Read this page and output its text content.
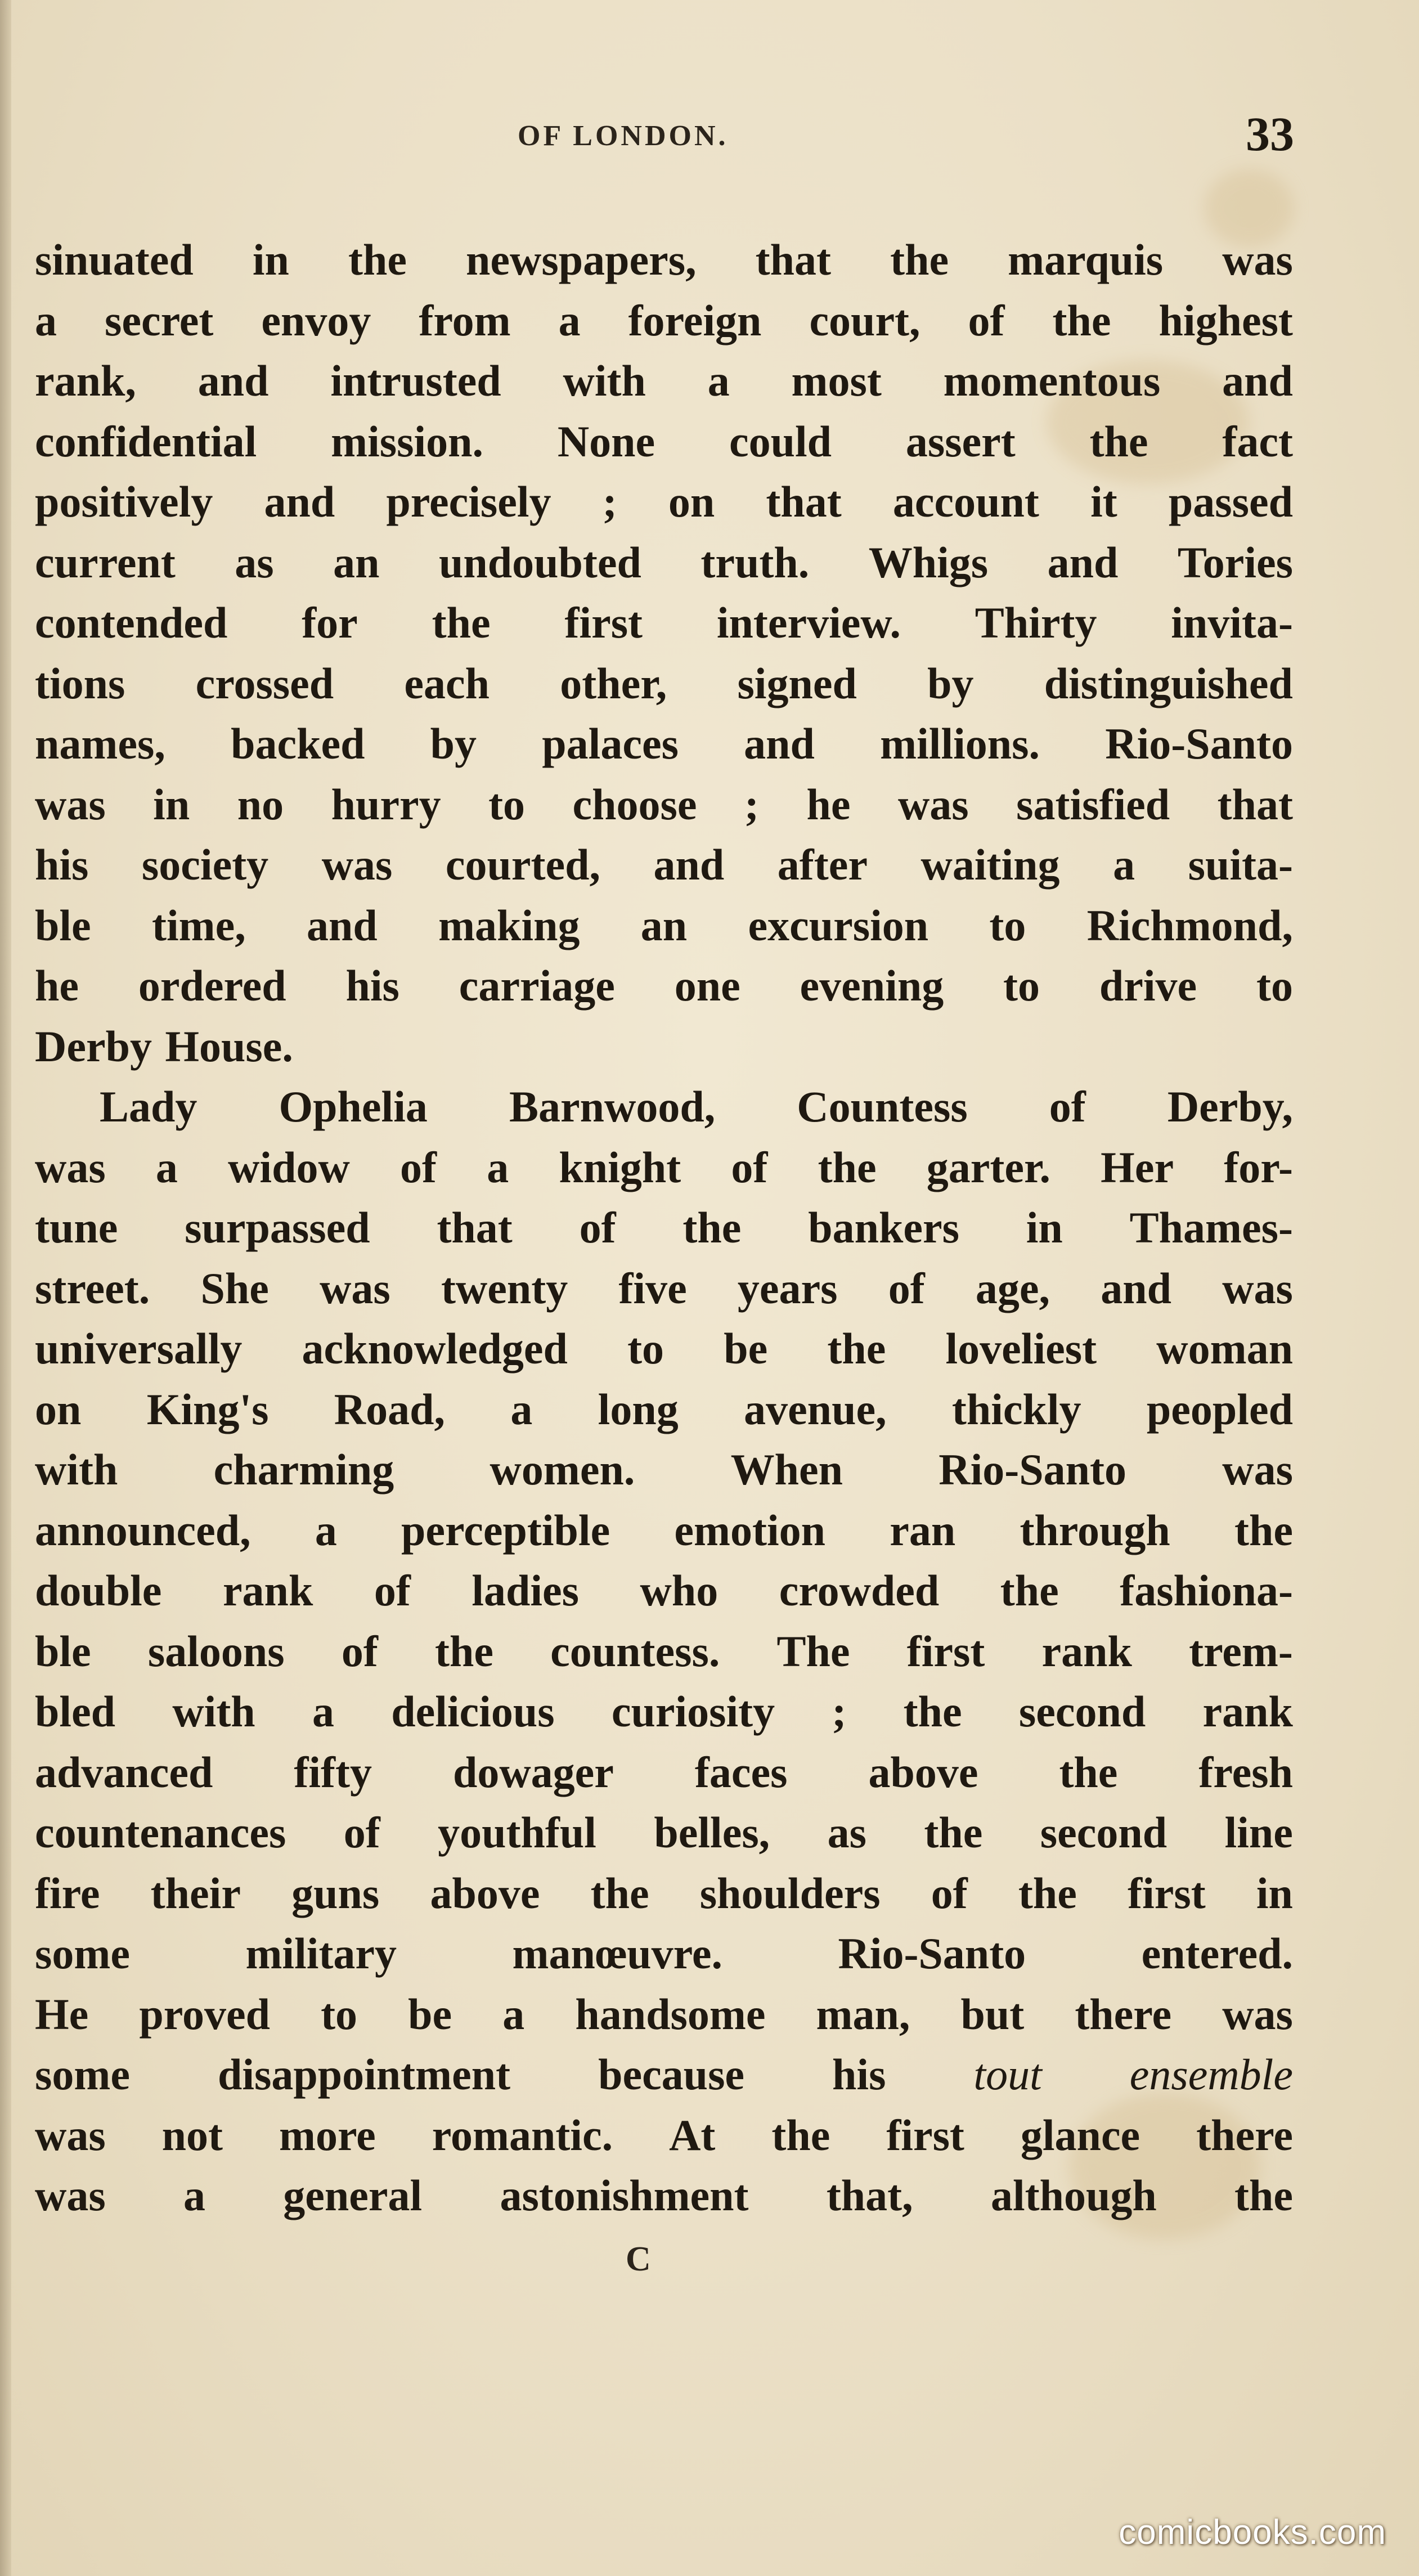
OF LONDON.	33
sinuated in the newspapers, that the marquis was
a secret envoy from a foreign court, of the highest
rank, and intrusted with a most momentous and
confidential mission. None could assert the fact
positively and precisely ; on that account it passed
current as an undoubted truth. Whigs and Tories
contended for the first interview. Thirty invita-
tions crossed each other, signed by distinguished
names, backed by palaces and millions. Rio-Santo
was in no hurry to choose ; he was satisfied that
his society was courted, and after waiting a suita-
ble time, and making an excursion to Richmond,
he ordered his carriage one evening to drive to
Derby House.
Lady Ophelia Barnwood, Countess of Derby,
was a widow of a knight of the garter. Her for-
tune surpassed that of the bankers in Thames-
street. She was twenty five years of age, and was
universally acknowledged to be the loveliest woman
on King's Road, a long avenue, thickly peopled
with charming women. When Rio-Santo was
announced, a perceptible emotion ran through the
double rank of ladies who crowded the fashiona-
ble saloons of the countess. The first rank trem-
bled with a delicious curiosity ; the second rank
advanced fifty dowager faces above the fresh
countenances of youthful belles, as the second line
fire their guns above the shoulders of the first in
some	military	manœuvre.	Rio-Santo	entered.
He proved to be a handsome man, but there was
some disappointment because his tout ensemble
was not more romantic. At the first glance there
was a general astonishment that, although the
C
comicbooks.com
